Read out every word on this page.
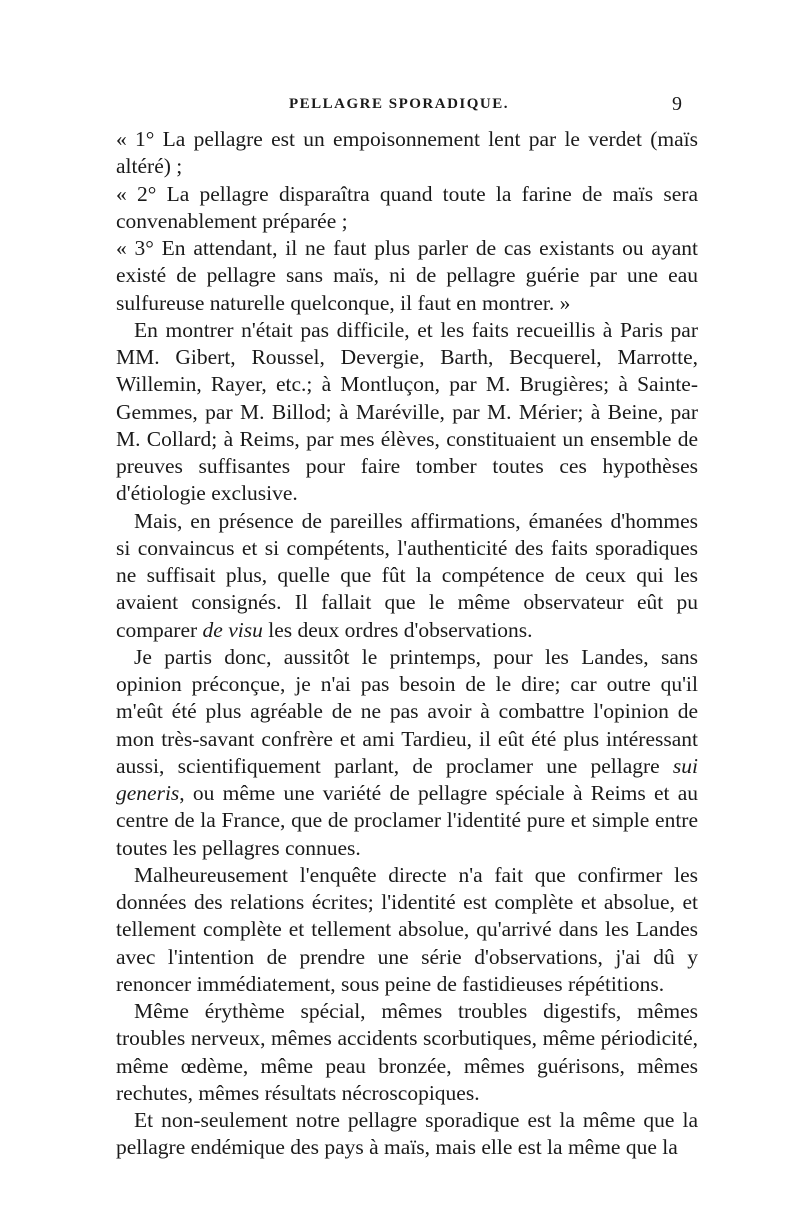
PELLAGRE SPORADIQUE.	9

« 1° La pellagre est un empoisonnement lent par le verdet (maïs altéré) ;

« 2° La pellagre disparaîtra quand toute la farine de maïs sera convenablement préparée ;

« 3° En attendant, il ne faut plus parler de cas existants ou ayant existé de pellagre sans maïs, ni de pellagre guérie par une eau sulfureuse naturelle quelconque, il faut en montrer. »

En montrer n'était pas difficile, et les faits recueillis à Paris par MM. Gibert, Roussel, Devergie, Barth, Becquerel, Marrotte, Willemin, Rayer, etc.; à Montluçon, par M. Brugières; à Sainte-Gemmes, par M. Billod; à Maréville, par M. Mérier; à Beine, par M. Collard; à Reims, par mes élèves, constituaient un ensemble de preuves suffisantes pour faire tomber toutes ces hypothèses d'étiologie exclusive.

Mais, en présence de pareilles affirmations, émanées d'hommes si convaincus et si compétents, l'authenticité des faits sporadiques ne suffisait plus, quelle que fût la compétence de ceux qui les avaient consignés. Il fallait que le même observateur eût pu comparer de visu les deux ordres d'observations.

Je partis donc, aussitôt le printemps, pour les Landes, sans opinion préconçue, je n'ai pas besoin de le dire; car outre qu'il m'eût été plus agréable de ne pas avoir à combattre l'opinion de mon très-savant confrère et ami Tardieu, il eût été plus intéressant aussi, scientifiquement parlant, de proclamer une pellagre sui generis, ou même une variété de pellagre spéciale à Reims et au centre de la France, que de proclamer l'identité pure et simple entre toutes les pellagres connues.

Malheureusement l'enquête directe n'a fait que confirmer les données des relations écrites; l'identité est complète et absolue, et tellement complète et tellement absolue, qu'arrivé dans les Landes avec l'intention de prendre une série d'observations, j'ai dû y renoncer immédiatement, sous peine de fastidieuses répétitions.

Même érythème spécial, mêmes troubles digestifs, mêmes troubles nerveux, mêmes accidents scorbutiques, même périodicité, même œdème, même peau bronzée, mêmes guérisons, mêmes rechutes, mêmes résultats nécroscopiques.

Et non-seulement notre pellagre sporadique est la même que la pellagre endémique des pays à maïs, mais elle est la même que la
